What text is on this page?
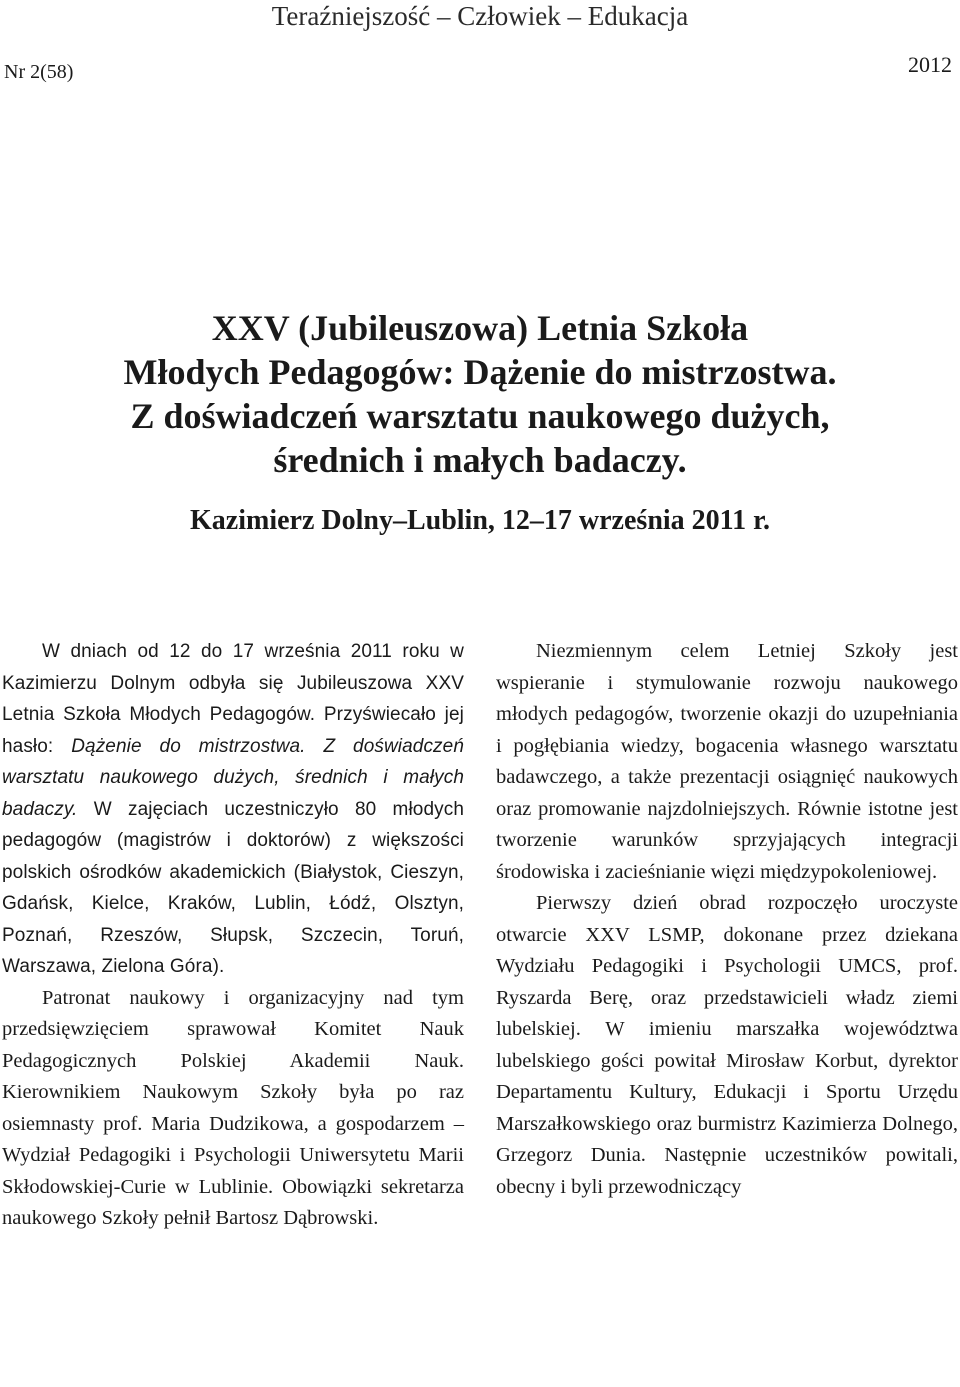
Teraźniejszość – Człowiek – Edukacja
Nr 2(58)	2012
XXV (Jubileuszowa) Letnia Szkoła
Młodych Pedagogów: Dążenie do mistrzostwa.
Z doświadczeń warsztatu naukowego dużych,
średnich i małych badaczy.
Kazimierz Dolny–Lublin, 12–17 września 2011 r.

W dniach od 12 do 17 września 2011 roku w Kazimierzu Dolnym odbyła się Jubileuszowa XXV Letnia Szkoła Młodych Pedagogów. Przyświecało jej hasło: Dążenie do mistrzostwa. Z doświadczeń warsztatu naukowego dużych, średnich i małych badaczy. W zajęciach uczestniczyło 80 młodych pedagogów (magistrów i doktorów) z większości polskich ośrodków akademickich (Białystok, Cieszyn, Gdańsk, Kielce, Kraków, Lublin, Łódź, Olsztyn, Poznań, Rzeszów, Słupsk, Szczecin, Toruń, Warszawa, Zielona Góra).

Patronat naukowy i organizacyjny nad tym przedsięwzięciem sprawował Komitet Nauk Pedagogicznych Polskiej Akademii Nauk. Kierownikiem Naukowym Szkoły była po raz osiemnasty prof. Maria Dudzikowa, a gospodarzem – Wydział Pedagogiki i Psychologii Uniwersytetu Marii Skłodowskiej-Curie w Lublinie. Obowiązki sekretarza naukowego Szkoły pełnił Bartosz Dąbrowski.

Niezmiennym celem Letniej Szkoły jest wspieranie i stymulowanie rozwoju naukowego młodych pedagogów, tworzenie okazji do uzupełniania i pogłębiania wiedzy, bogacenia własnego warsztatu badawczego, a także prezentacji osiągnięć naukowych oraz promowanie najzdolniejszych. Równie istotne jest tworzenie warunków sprzyjających integracji środowiska i zacieśnianie więzi międzypokoleniowej.

Pierwszy dzień obrad rozpoczęło uroczyste otwarcie XXV LSMP, dokonane przez dziekana Wydziału Pedagogiki i Psychologii UMCS, prof. Ryszarda Berę, oraz przedstawicieli władz ziemi lubelskiej. W imieniu marszałka województwa lubelskiego gości powitał Mirosław Korbut, dyrektor Departamentu Kultury, Edukacji i Sportu Urzędu Marszałkowskiego oraz burmistrz Kazimierza Dolnego, Grzegorz Dunia. Następnie uczestników powitali, obecny i byli przewodniczący
